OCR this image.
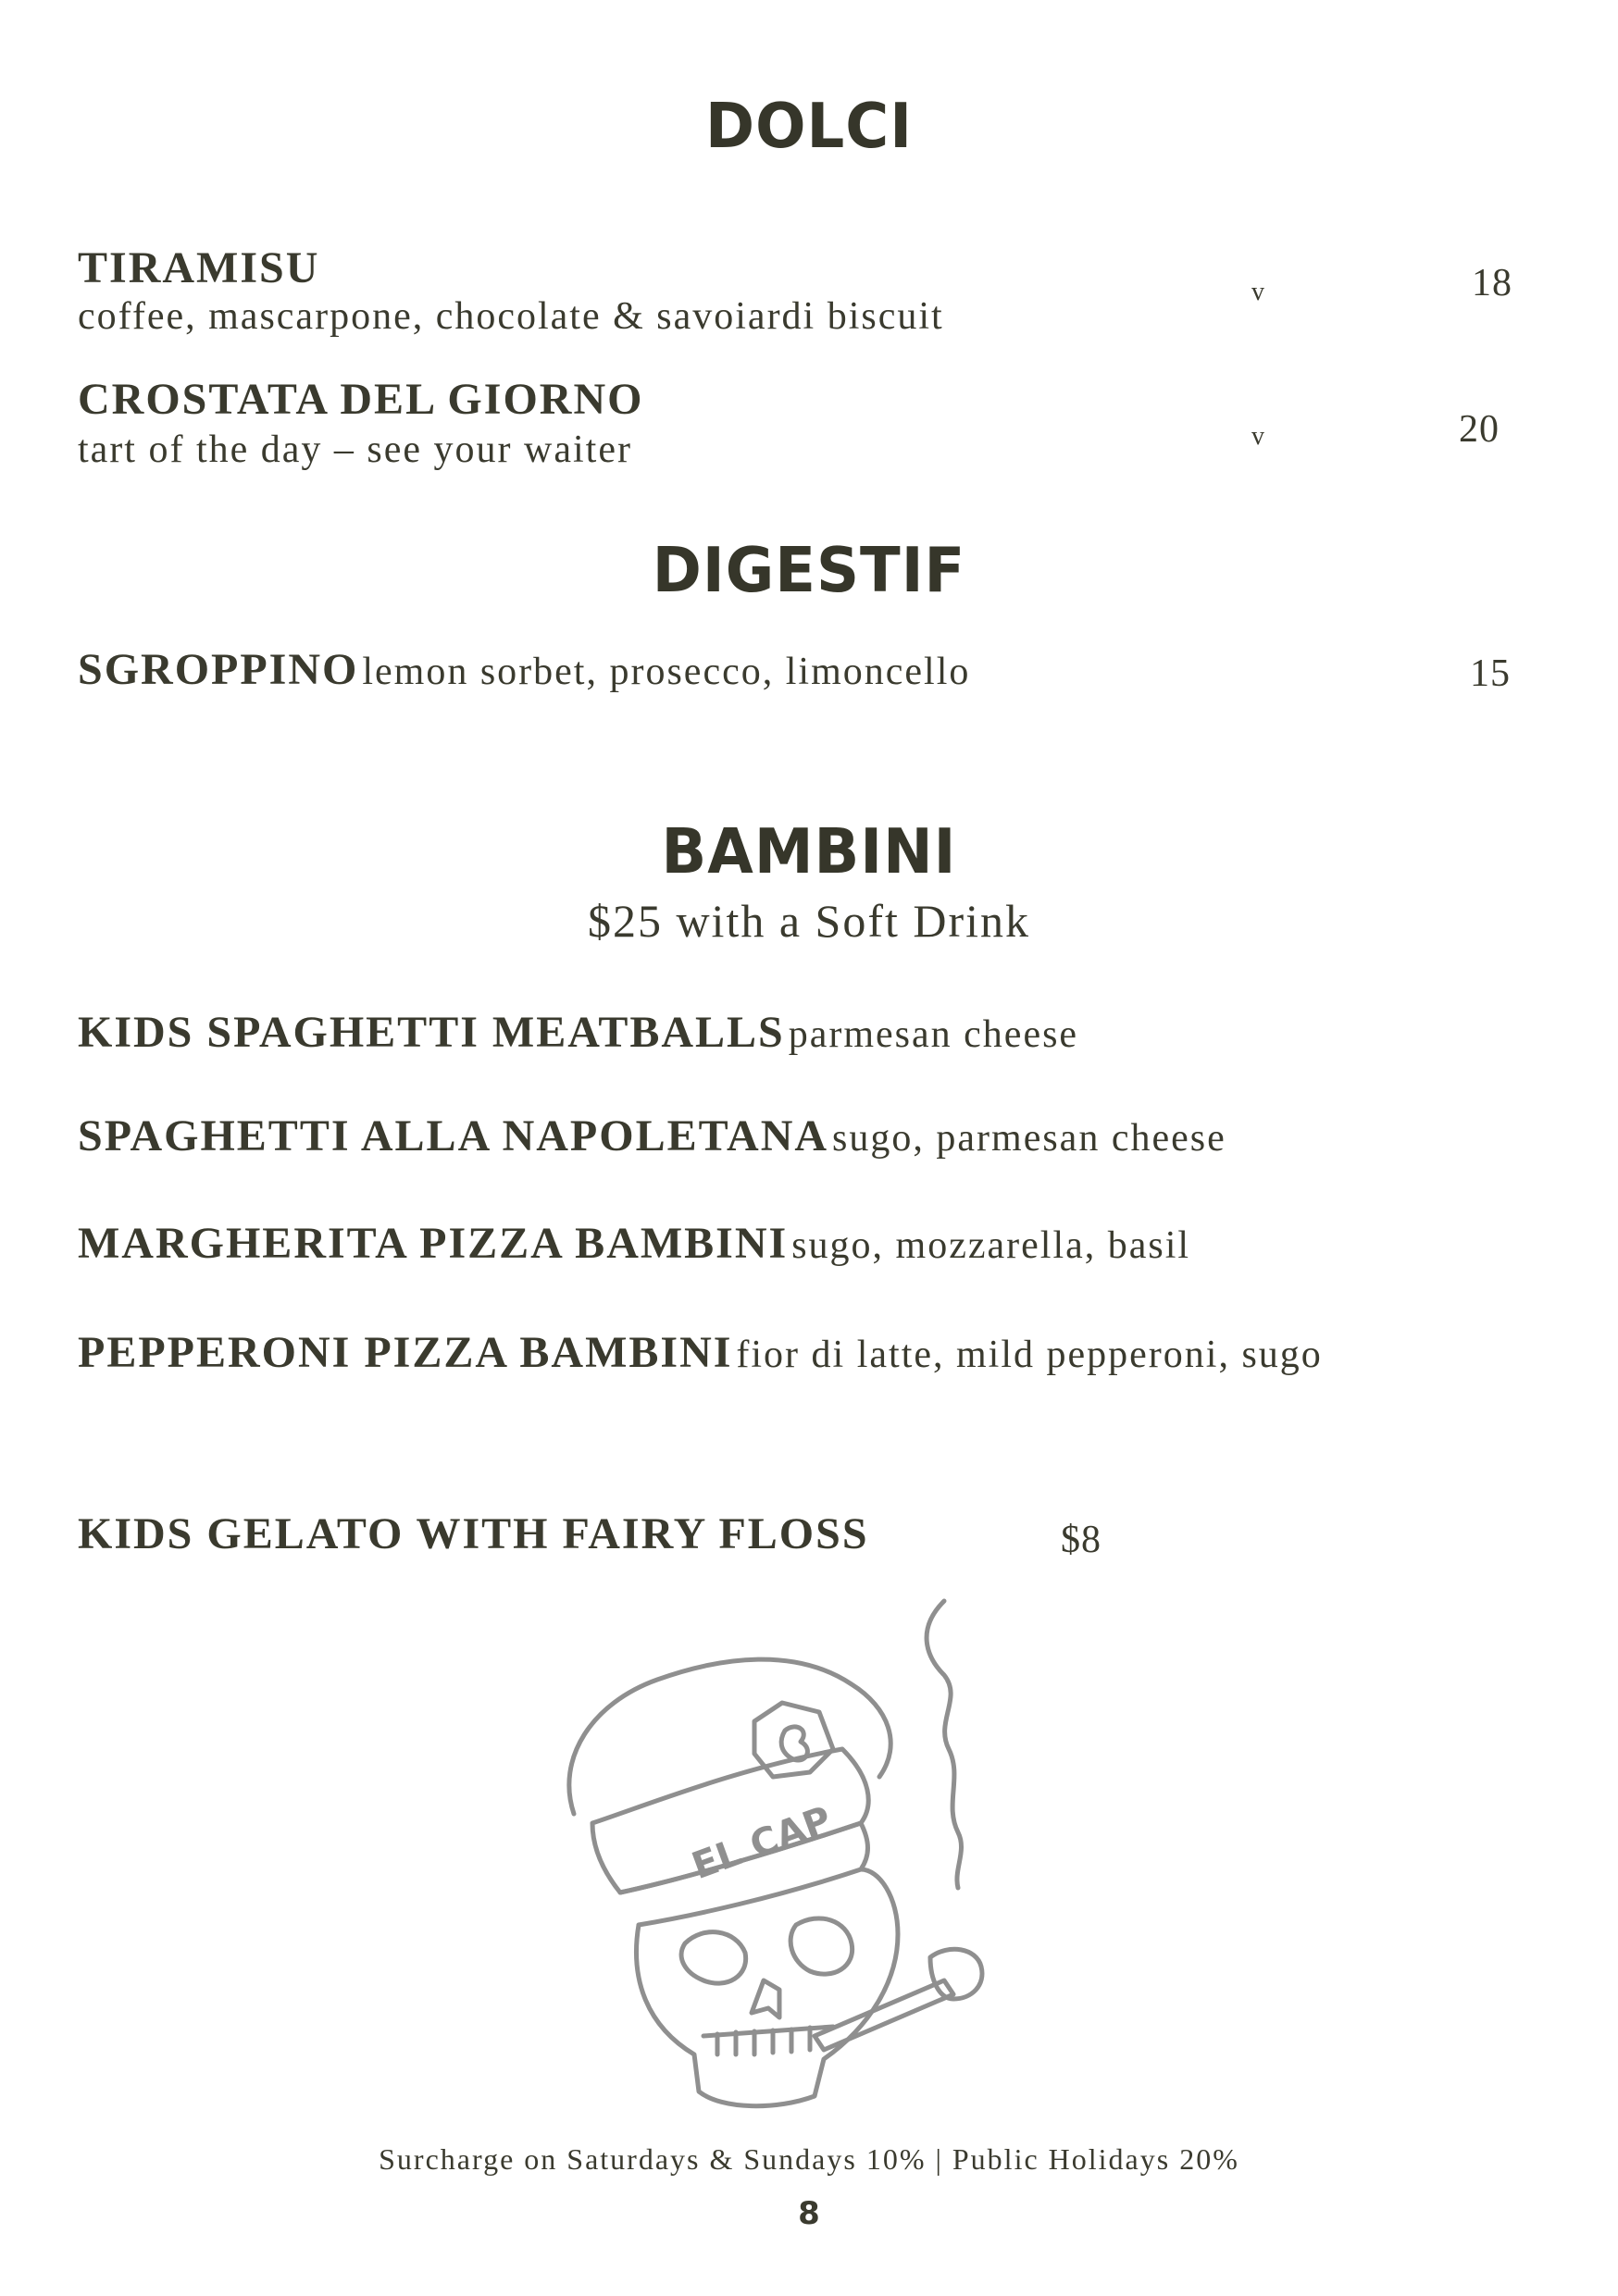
DOLCI
TIRAMISU
coffee, mascarpone, chocolate & savoiardi biscuit
v	18
CROSTATA DEL GIORNO
tart of the day – see your waiter	v	20
DIGESTIF
SGROPPINO lemon sorbet, prosecco, limoncello	15
BAMBINI
$25 with a Soft Drink
KIDS SPAGHETTI MEATBALLS parmesan cheese
SPAGHETTI ALLA NAPOLETANA sugo, parmesan cheese
MARGHERITA PIZZA BAMBINI sugo, mozzarella, basil
PEPPERONI PIZZA BAMBINI fior di latte, mild pepperoni, sugo
KIDS GELATO WITH FAIRY FLOSS	$8
EL CAP
Surcharge on Saturdays & Sundays 10% | Public Holidays 20%
8
